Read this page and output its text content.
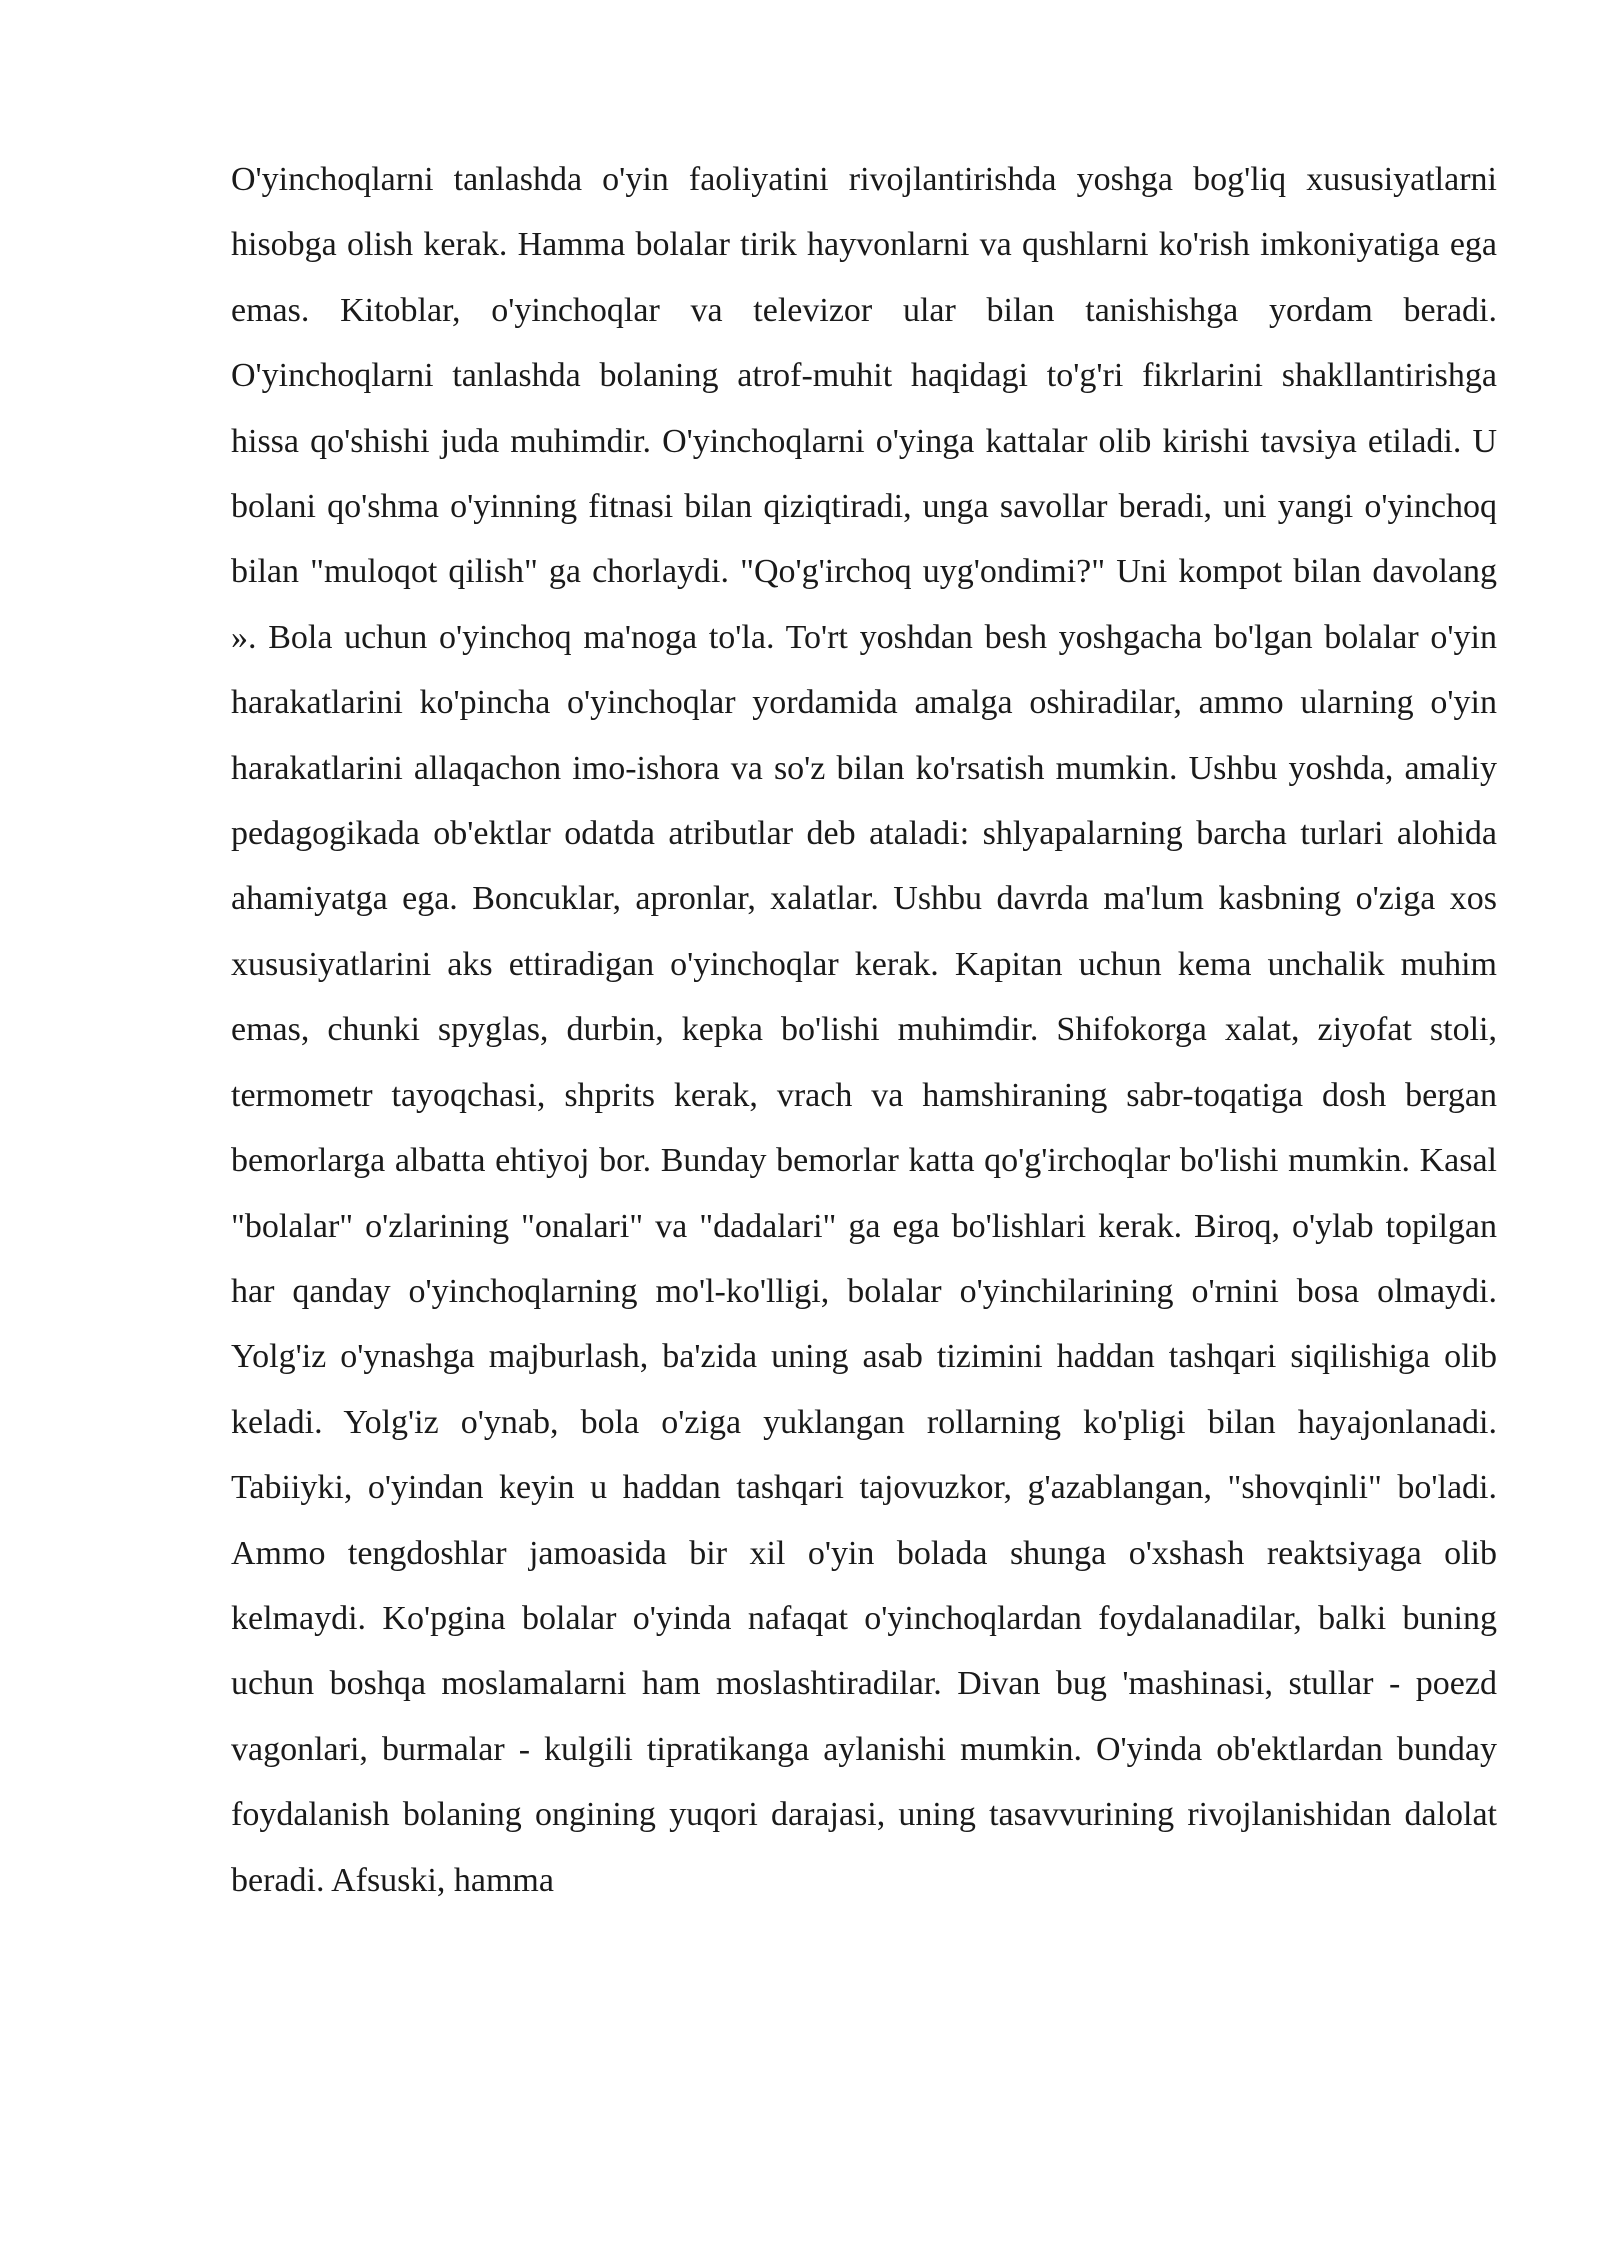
O'yinchoqlarni tanlashda o'yin faoliyatini rivojlantirishda yoshga bog'liq xususiyatlarni hisobga olish kerak. Hamma bolalar tirik hayvonlarni va qushlarni ko'rish imkoniyatiga ega emas. Kitoblar, o'yinchoqlar va televizor ular bilan tanishishga yordam beradi. O'yinchoqlarni tanlashda bolaning atrof-muhit haqidagi to'g'ri fikrlarini shakllantirishga hissa qo'shishi juda muhimdir. O'yinchoqlarni o'yinga kattalar olib kirishi tavsiya etiladi. U bolani qo'shma o'yinning fitnasi bilan qiziqtiradi, unga savollar beradi, uni yangi o'yinchoq bilan "muloqot qilish" ga chorlaydi. "Qo'g'irchoq uyg'ondimi?" Uni kompot bilan davolang ». Bola uchun o'yinchoq ma'noga to'la. To'rt yoshdan besh yoshgacha bo'lgan bolalar o'yin harakatlarini ko'pincha o'yinchoqlar yordamida amalga oshiradilar, ammo ularning o'yin harakatlarini allaqachon imo-ishora va so'z bilan ko'rsatish mumkin. Ushbu yoshda, amaliy pedagogikada ob'ektlar odatda atributlar deb ataladi: shlyapalarning barcha turlari alohida ahamiyatga ega. Boncuklar, apronlar, xalatlar. Ushbu davrda ma'lum kasbning o'ziga xos xususiyatlarini aks ettiradigan o'yinchoqlar kerak. Kapitan uchun kema unchalik muhim emas, chunki spyglas, durbin, kepka bo'lishi muhimdir. Shifokorga xalat, ziyofat stoli, termometr tayoqchasi, shprits kerak, vrach va hamshiraning sabr-toqatiga dosh bergan bemorlarga albatta ehtiyoj bor. Bunday bemorlar katta qo'g'irchoqlar bo'lishi mumkin. Kasal "bolalar" o'zlarining "onalari" va "dadalari" ga ega bo'lishlari kerak. Biroq, o'ylab topilgan har qanday o'yinchoqlarning mo'l-ko'lligi, bolalar o'yinchilarining o'rnini bosa olmaydi. Yolg'iz o'ynashga majburlash, ba'zida uning asab tizimini haddan tashqari siqilishiga olib keladi. Yolg'iz o'ynab, bola o'ziga yuklangan rollarning ko'pligi bilan hayajonlanadi. Tabiiyki, o'yindan keyin u haddan tashqari tajovuzkor, g'azablangan, "shovqinli" bo'ladi. Ammo tengdoshlar jamoasida bir xil o'yin bolada shunga o'xshash reaktsiyaga olib kelmaydi. Ko'pgina bolalar o'yinda nafaqat o'yinchoqlardan foydalanadilar, balki buning uchun boshqa moslamalarni ham moslashtiradilar. Divan bug 'mashinasi, stullar - poezd vagonlari, burmalar - kulgili tipratikanga aylanishi mumkin. O'yinda ob'ektlardan bunday foydalanish bolaning ongining yuqori darajasi, uning tasavvurining rivojlanishidan dalolat beradi. Afsuski, hamma
